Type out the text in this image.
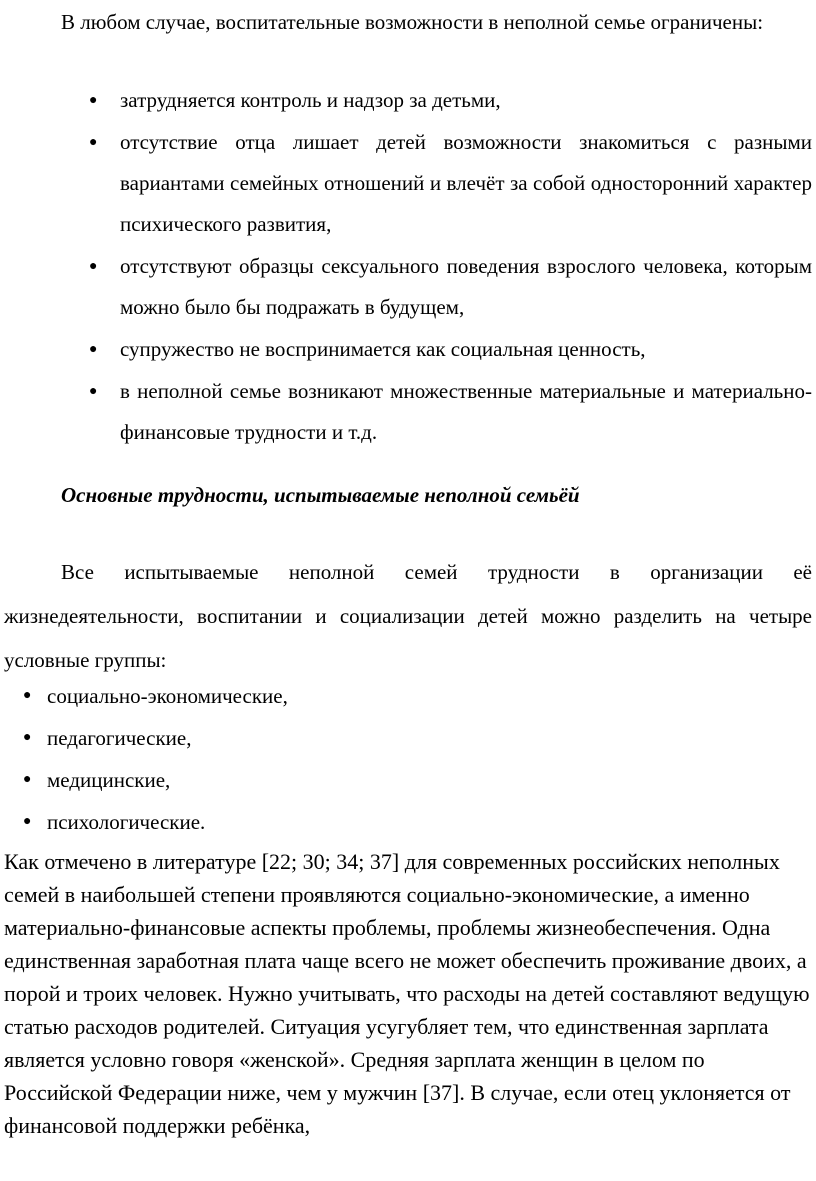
В любом случае, воспитательные возможности в неполной семье ограничены:

● затрудняется контроль и надзор за детьми,
● отсутствие отца лишает детей возможности знакомиться с разными вариантами семейных отношений и влечёт за собой односторонний характер психического развития,
● отсутствуют образцы сексуального поведения взрослого человека, которым можно было бы подражать в будущем,
● супружество не воспринимается как социальная ценность,
● в неполной семье возникают множественные материальные и материально-финансовые трудности и т.д.
Основные трудности, испытываемые неполной семьёй

Все испытываемые неполной семей трудности в организации её жизнедеятельности, воспитании и социализации детей можно разделить на четыре условные группы:

● социально-экономические,
● педагогические,
● медицинские,
● психологические.

Как отмечено в литературе [22; 30; 34; 37] для современных российских неполных семей в наибольшей степени проявляются социально-экономические, а именно материально-финансовые аспекты проблемы, проблемы жизнеобеспечения. Одна единственная заработная плата чаще всего не может обеспечить проживание двоих, а порой и троих человек. Нужно учитывать, что расходы на детей составляют ведущую статью расходов родителей. Ситуация усугубляет тем, что единственная зарплата является условно говоря «женской». Средняя зарплата женщин в целом по Российской Федерации ниже, чем у мужчин [37]. В случае, если отец уклоняется от финансовой поддержки ребёнка,
